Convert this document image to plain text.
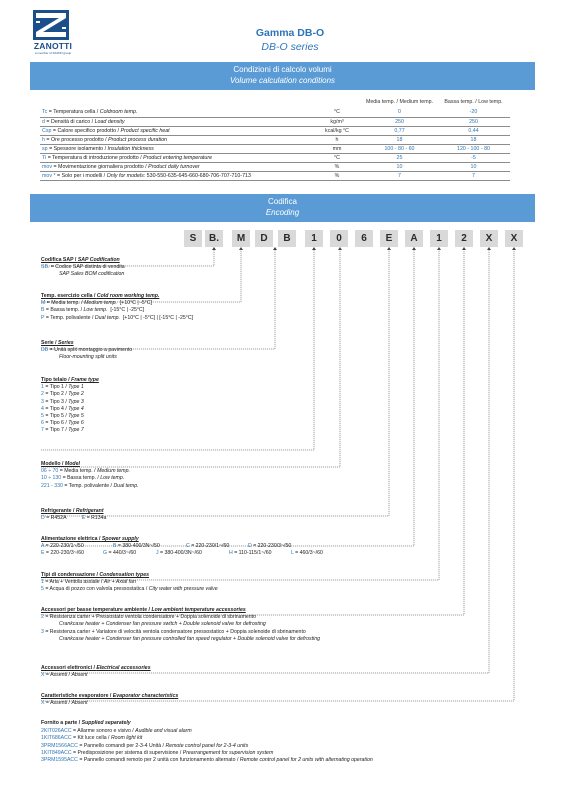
ZANOTTI
a member of DAIKIN group
Gamma DB-O
DB-O series
Condizioni di calcolo volumi
Volume calculation conditions
		Media temp. / Medium temp.	Bassa temp. / Low temp.
Tc = Temperatura cella / Coldroom temp.	°C	0	-20
d = Densità di carico / Load density	kg/m³	250	250
Csp = Calore specifico prodotto / Product specific heat	kcal/kg °C	0,77	0,44
h = Ore processo prodotto / Product process duration	h	18	18
sp = Spessore isolamento / Insulation thickness	mm	100 - 80 - 60	120 - 100 - 80
Ti = Temperatura di introduzione prodotto / Product entering temperature	°C	25	-5
mov = Movimentazione giornaliera prodotto / Product daily turnover	%	10	10
mov * = Solo per i modelli / Only for models: 530-550-635-645-660-680-706-707-710-713	%	7	7
Codifica
Encoding
S	B.	M	D	B	1	0	6	E	A	1	2	X	X
Codifica SAP / SAP Codification
SB. = Codice SAP distinta di vendita
SAP Sales BOM codification
Temp. esercizio cella / Cold room working temp.
M = Media temp. / Medium temp.  [+10°C | -5°C]
B = Bassa temp. / Low temp.  [-15°C | -25°C]
P = Temp. polivalente / Dual temp.  [+10°C | -5°C] | [-15°C | -25°C]
Serie / Series
DB = Unità split montaggio a pavimento
Floor-mounting split units
Tipo telaio / Frame type
1 = Tipo 1 / Type 1
2 = Tipo 2 / Type 2
3 = Tipo 3 / Type 3
4 = Tipo 4 / Type 4
5 = Tipo 5 / Type 5
6 = Tipo 6 / Type 6
7 = Tipo 7 / Type 7
Modello / Model
06 ÷ 70 = Media temp. / Medium temp.
10 ÷ 130 = Bassa temp. / Low temp.
221 - 330 = Temp. polivalente / Dual temp.
Refrigerante / Refrigerant
D = R452A	E = R134a
Alimentazione elettrica / Spower supply
A = 220-230/1~/50	B = 380-400/3N~/50	C = 220-230/1~/60	D = 220-230/3~/50
E = 220-230/3~/60	G = 440/3~/60	J = 380-400/3N~/60	H = 110-115/1~/60	L = 460/3~/60
Tipi di condensazione / Condensation types
1 = Aria + Ventola assiale / Air + Axial fan
5 = Acqua di pozzo con valvola pressostatica / City water with pressure valve
Accessori per basse temperature ambiente / Low ambient temperature accessories
2 = Resistenza carter + Pressostato ventola condensatore + Doppia solenoide di sbrinamento
Crankcase heater + Condenser fan pressure switch + Double solenoid valve for defrosting
3 = Resistenza carter + Variatore di velocità ventola condensatore pressostatico + Doppia solenoide di sbrinamento
Crankcase heater + Condenser fan pressure controlled fan speed regulator + Double solenoid valve for defrosting
Accessori elettronici / Electrical accessories
X = Assenti / Absent
Caratteristiche evaporatore / Evaporator characteristics
X = Assenti / Absent
Fornito a parte / Supplied separately
2KIT026ACC = Allarme sonoro e visivo / Audible and visual alarm
1KIT686ACC = Kit luce cella / Room light kit
3PRM1566ACC = Pannello comandi per 2-3-4 Unità / Remote control panel for 2-3-4 units
1KIT849ACC = Predisposizione per sistema di supervisione / Prearrangement for supervision system
3PRM1595ACC = Pannello comandi remoto per 2 unità con funzionamento alternato / Remote control panel for 2 units with alternating operation
